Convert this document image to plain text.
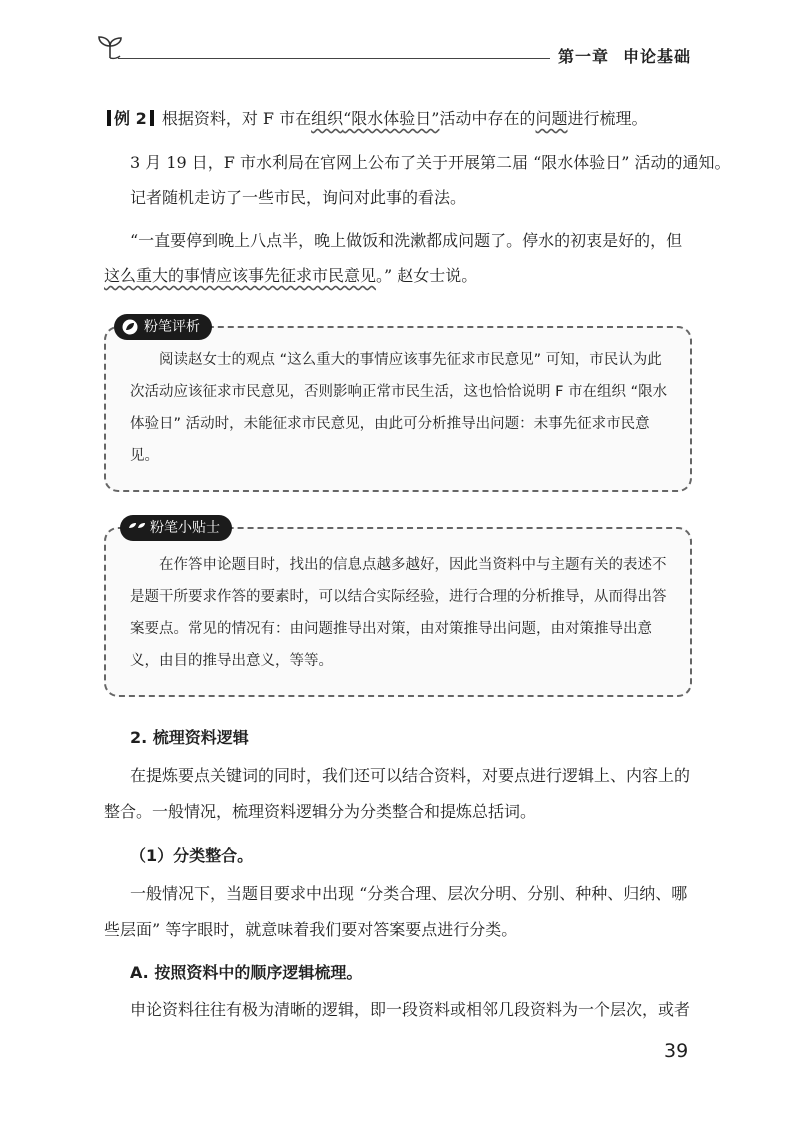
第一章 申论基础
例 2 根据资料，对 F 市在组织“限水体验日”活动中存在的问题进行梳理。
3 月 19 日，F 市水利局在官网上公布了关于开展第二届 “限水体验日” 活动的通知。
记者随机走访了一些市民，询问对此事的看法。
“一直要停到晚上八点半，晚上做饭和洗漱都成问题了。停水的初衷是好的，但
这么重大的事情应该事先征求市民意见。” 赵女士说。
粉笔评析
阅读赵女士的观点 “这么重大的事情应该事先征求市民意见” 可知，市民认为此次活动应该征求市民意见，否则影响正常市民生活，这也恰恰说明 F 市在组织 “限水体验日” 活动时，未能征求市民意见，由此可分析推导出问题：未事先征求市民意见。
粉笔小贴士
在作答申论题目时，找出的信息点越多越好，因此当资料中与主题有关的表述不是题干所要求作答的要素时，可以结合实际经验，进行合理的分析推导，从而得出答案要点。常见的情况有：由问题推导出对策，由对策推导出问题，由对策推导出意义，由目的推导出意义，等等。
2. 梳理资料逻辑
在提炼要点关键词的同时，我们还可以结合资料，对要点进行逻辑上、内容上的
整合。一般情况，梳理资料逻辑分为分类整合和提炼总括词。
（1）分类整合。
一般情况下，当题目要求中出现 “分类合理、层次分明、分别、种种、归纳、哪
些层面” 等字眼时，就意味着我们要对答案要点进行分类。
A. 按照资料中的顺序逻辑梳理。
申论资料往往有极为清晰的逻辑，即一段资料或相邻几段资料为一个层次，或者
39
